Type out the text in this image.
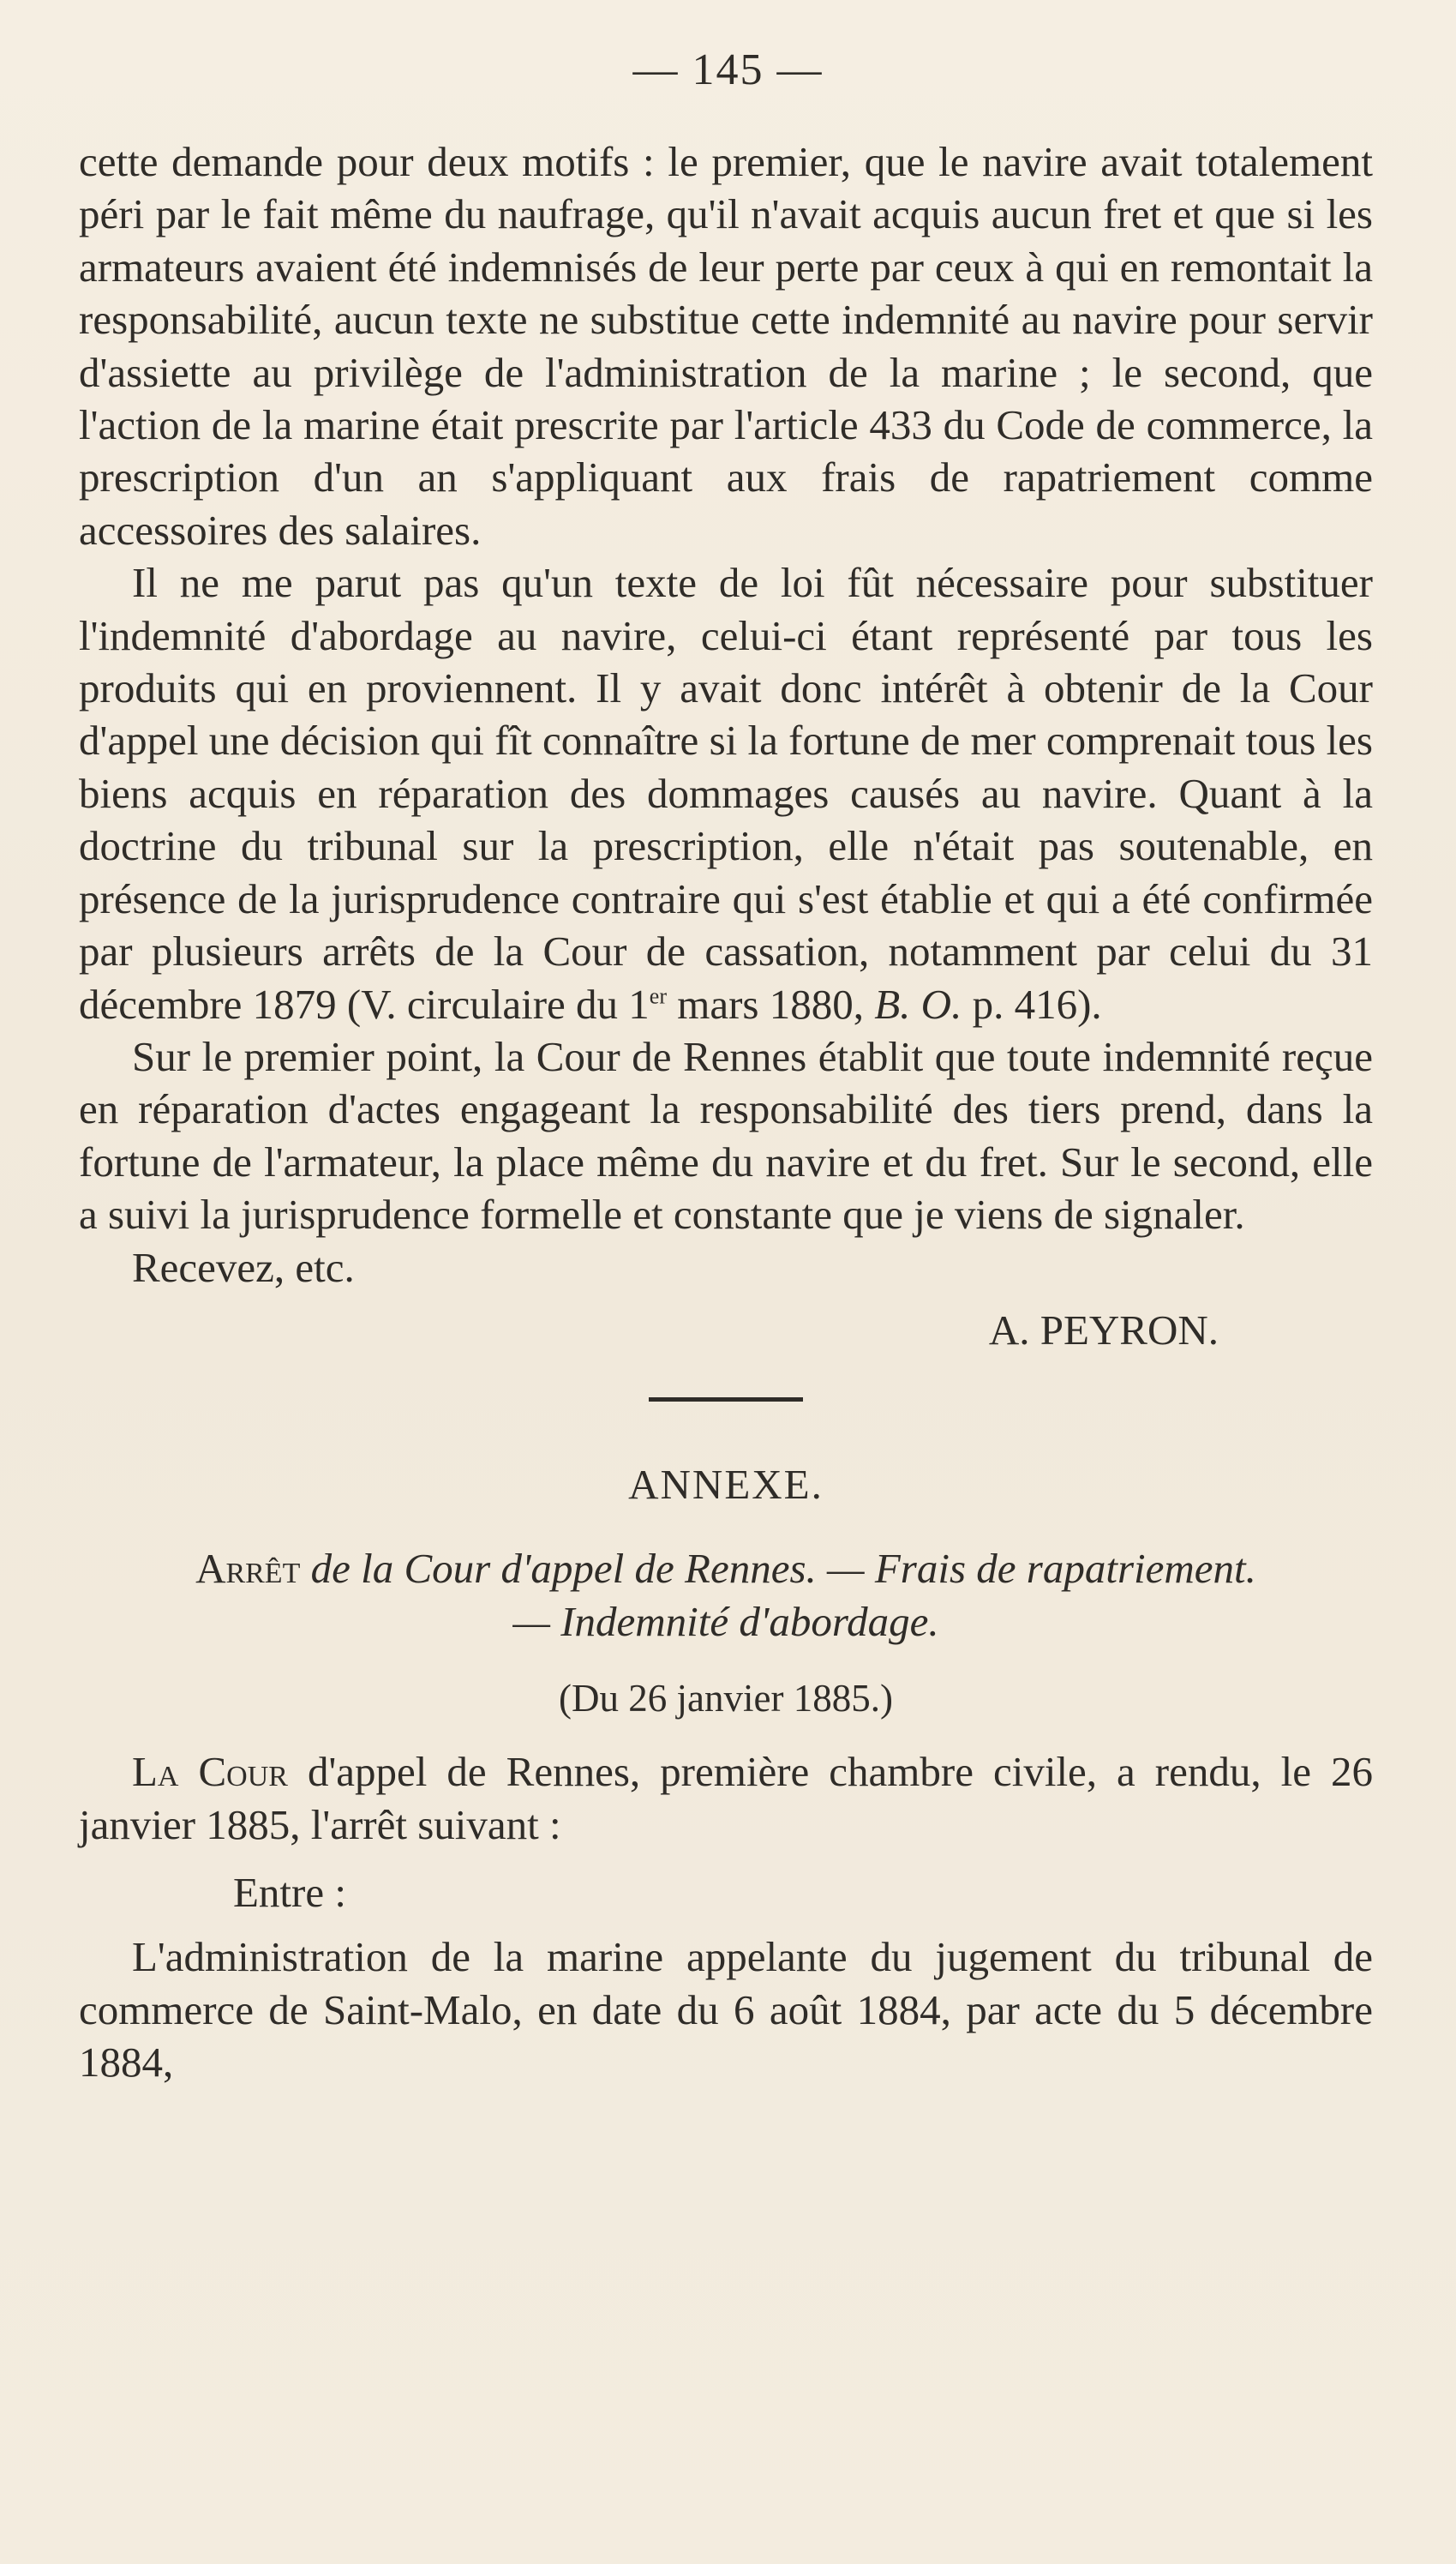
— 145 —

cette demande pour deux motifs : le premier, que le navire avait totalement péri par le fait même du naufrage, qu'il n'avait acquis aucun fret et que si les armateurs avaient été indemnisés de leur perte par ceux à qui en remontait la responsabilité, aucun texte ne substitue cette indemnité au navire pour servir d'assiette au privilège de l'administration de la marine ; le second, que l'action de la marine était prescrite par l'article 433 du Code de commerce, la prescription d'un an s'appliquant aux frais de rapatriement comme accessoires des salaires.

Il ne me parut pas qu'un texte de loi fût nécessaire pour substituer l'indemnité d'abordage au navire, celui-ci étant représenté par tous les produits qui en proviennent. Il y avait donc intérêt à obtenir de la Cour d'appel une décision qui fît connaître si la fortune de mer comprenait tous les biens acquis en réparation des dommages causés au navire. Quant à la doctrine du tribunal sur la prescription, elle n'était pas soutenable, en présence de la jurisprudence contraire qui s'est établie et qui a été confirmée par plusieurs arrêts de la Cour de cassation, notamment par celui du 31 décembre 1879 (V. circulaire du 1er mars 1880, B. O. p. 416).

Sur le premier point, la Cour de Rennes établit que toute indemnité reçue en réparation d'actes engageant la responsabilité des tiers prend, dans la fortune de l'armateur, la place même du navire et du fret. Sur le second, elle a suivi la jurisprudence formelle et constante que je viens de signaler.

Recevez, etc.

A. PEYRON.

ANNEXE.

Arrêt de la Cour d'appel de Rennes. — Frais de rapatriement.
— Indemnité d'abordage.

(Du 26 janvier 1885.)

La Cour d'appel de Rennes, première chambre civile, a rendu, le 26 janvier 1885, l'arrêt suivant :

Entre :

L'administration de la marine appelante du jugement du tribunal de commerce de Saint-Malo, en date du 6 août 1884, par acte du 5 décembre 1884,
